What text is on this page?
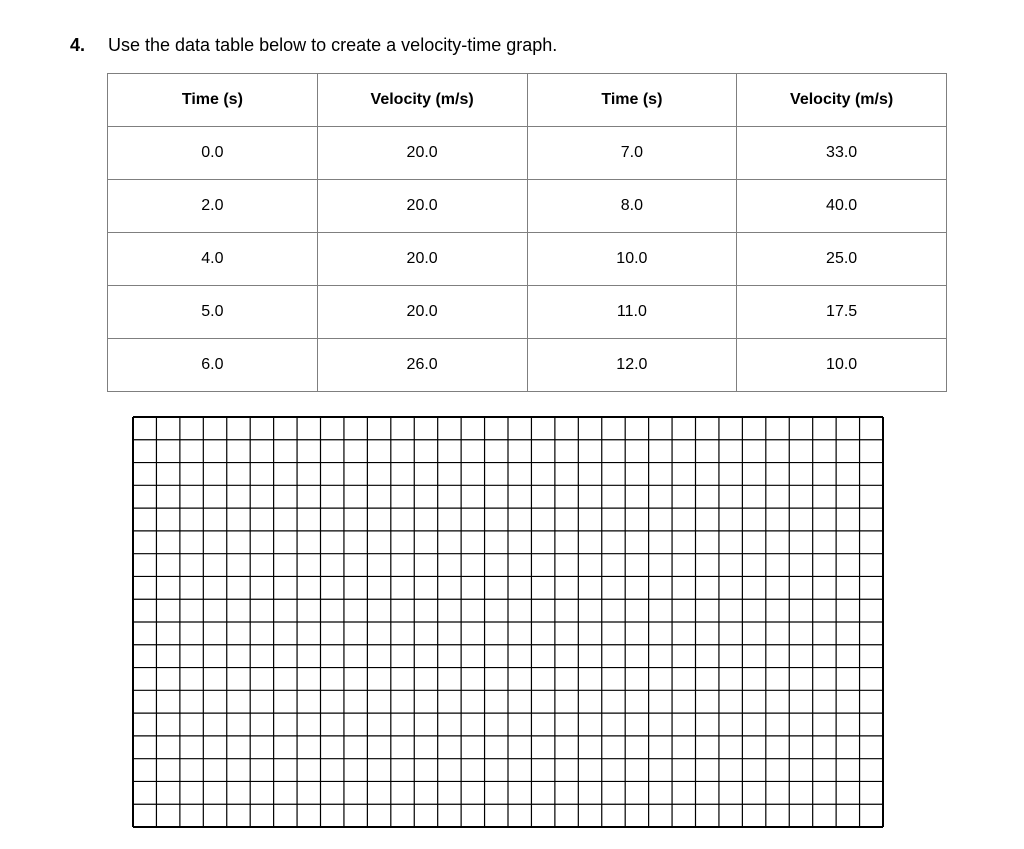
4. Use the data table below to create a velocity-time graph.
Time (s)	Velocity (m/s)	Time (s)	Velocity (m/s)
0.0	20.0	7.0	33.0
2.0	20.0	8.0	40.0
4.0	20.0	10.0	25.0
5.0	20.0	11.0	17.5
6.0	26.0	12.0	10.0
